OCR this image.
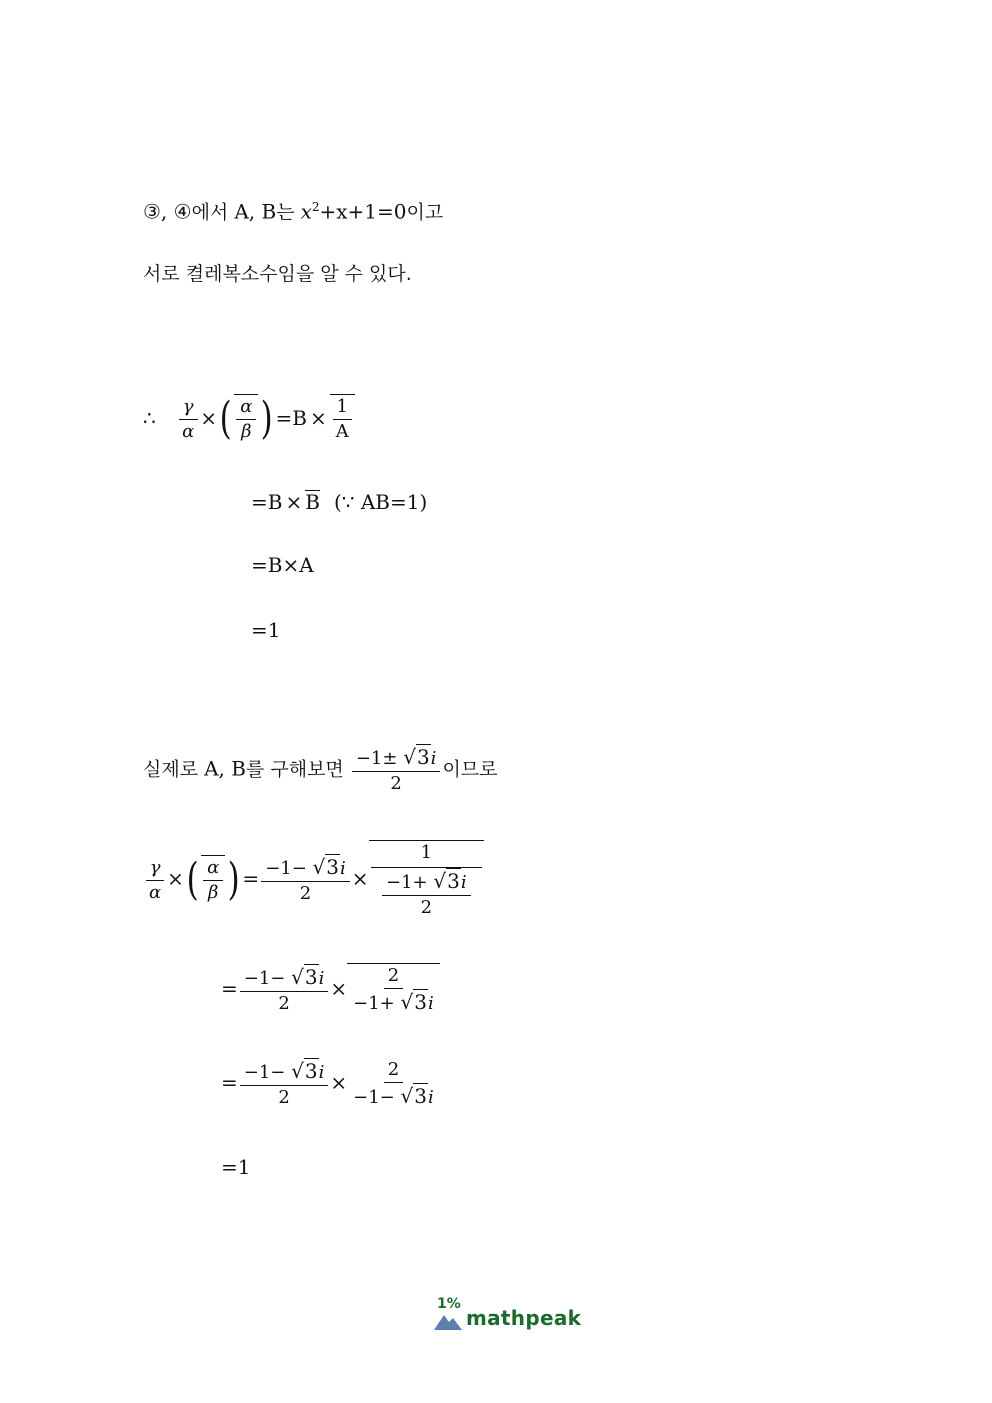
③, ④에서 A, B는 $x^2+x+1=0$이고
서로 켤레복소수임을 알 수 있다.
∴ $\frac{\gamma}{\alpha}$ ×( $\frac{\alpha}{\beta}$ ) $=B \times \frac{1}{A}$
=B × B (∵ AB=1)
=B×A
=1
실제로 A, B를 구해보면 $\frac{-1\pm √3i}{2}$ 이므로
$\frac{\gamma}{\alpha}$ ×( $\frac{\alpha}{\beta}$ ) = $\frac{-1- √3i}{2} \times \frac{1}{\frac{-1+ √3i}{2}}$
= $\frac{-1- √3i}{2} \times \frac{2}{-1+ √3i}$
= $\frac{-1- √3i}{2} \times \frac{2}{-1- √3i}$
=1
1%
mathpeak
